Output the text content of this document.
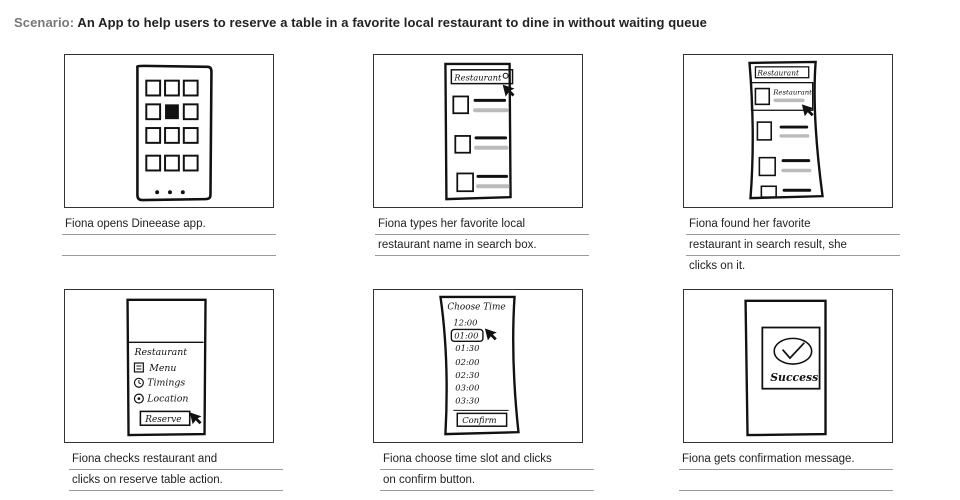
Scenario: An App to help users to reserve a table in a favorite local restaurant to dine in without waiting queue
Fiona opens Dineease app.
Restaurant
Fiona types her favorite local
restaurant name in search box.
Restaurant
Restaurant
Fiona found her favorite
restaurant in search result, she
clicks on it.
Restaurant
Menu
Timings
Location
Reserve
Fiona checks restaurant and
clicks on reserve table action.
Choose Time
12:00
01:00
01:30
02:00
02:30
03:00
03:30
Confirm
Fiona choose time slot and clicks
on confirm button.
Success
Fiona gets confirmation message.
